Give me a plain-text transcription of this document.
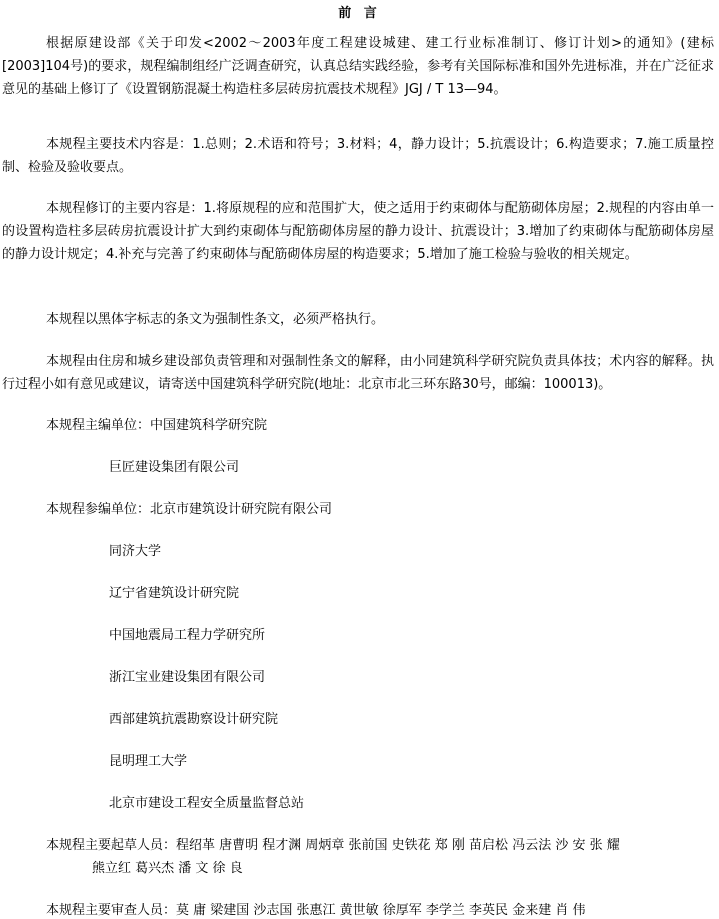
前 言

根据原建设部《关于印发<2002～2003年度工程建设城建、建工行业标准制订、修订计划>的通知》(建标[2003]104号)的要求，规程编制组经广泛调查研究，认真总结实践经验，参考有关国际标准和国外先进标准，并在广泛征求意见的基础上修订了《设置钢筋混凝土构造柱多层砖房抗震技术规程》JGJ / T 13—94。

本规程主要技术内容是：1.总则；2.术语和符号；3.材料；4，静力设计；5.抗震设计；6.构造要求；7.施工质量控制、检验及验收要点。

本规程修订的主要内容是：1.将原规程的应和范围扩大，使之适用于约束砌体与配筋砌体房屋；2.规程的内容由单一的设置构造柱多层砖房抗震设计扩大到约束砌体与配筋砌体房屋的静力设计、抗震设计；3.增加了约束砌体与配筋砌体房屋的静力设计规定；4.补充与完善了约束砌体与配筋砌体房屋的构造要求；5.增加了施工检验与验收的相关规定。

本规程以黑体字标志的条文为强制性条文，必须严格执行。

本规程由住房和城乡建设部负责管理和对强制性条文的解释，由小同建筑科学研究院负责具体技；术内容的解释。执行过程小如有意见或建议，请寄送中国建筑科学研究院(地址：北京市北三环东路30号，邮编：100013)。

本规程主编单位：中国建筑科学研究院
巨匠建设集团有限公司
本规程参编单位：北京市建筑设计研究院有限公司
同济大学
辽宁省建筑设计研究院
中国地震局工程力学研究所
浙江宝业建设集团有限公司
西部建筑抗震勘察设计研究院
昆明理工大学
北京市建设工程安全质量监督总站
本规程主要起草人员：程绍革 唐曹明 程才渊 周炳章 张前国 史铁花 郑 刚 苗启松 冯云法 沙 安 张 耀
熊立红 葛兴杰 潘 文 徐 良
本规程主要审查人员：莫 庸 梁建国 沙志国 张惠江 黄世敏 徐厚军 李学兰 李英民 金来建 肖 伟
